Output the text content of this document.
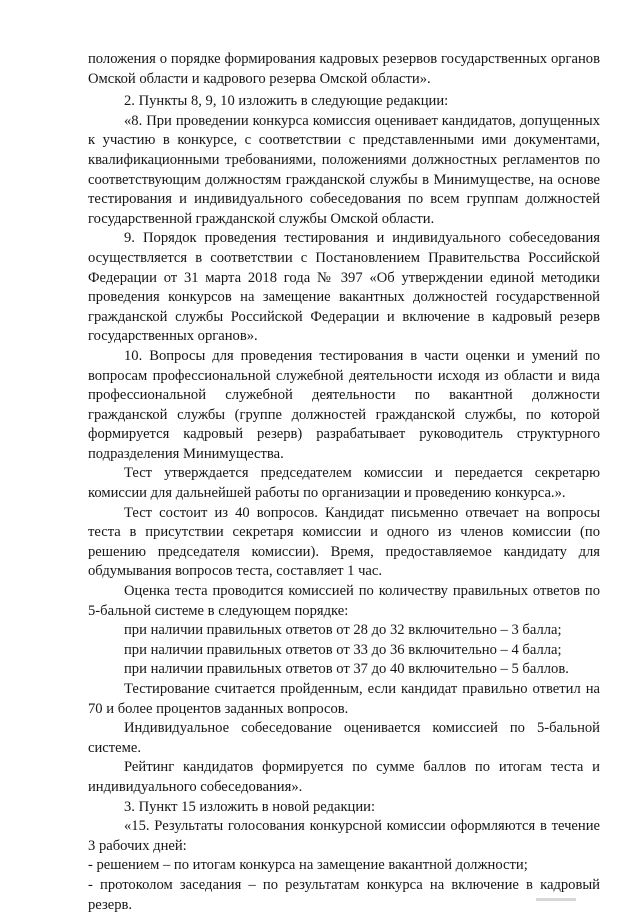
положения о порядке формирования кадровых резервов государственных органов Омской области и кадрового резерва Омской области».

2. Пункты 8, 9, 10 изложить в следующие редакции:

«8. При проведении конкурса комиссия оценивает кандидатов, допущенных к участию в конкурсе, с соответствии с представленными ими документами, квалификационными требованиями, положениями должностных регламентов по соответствующим должностям гражданской службы в Минимуществе, на основе тестирования и индивидуального собеседования по всем группам должностей государственной гражданской службы Омской области.

9. Порядок проведения тестирования и индивидуального собеседования осуществляется в соответствии с Постановлением Правительства Российской Федерации от 31 марта 2018 года № 397 «Об утверждении единой методики проведения конкурсов на замещение вакантных должностей государственной гражданской службы Российской Федерации и включение в кадровый резерв государственных органов».

10. Вопросы для проведения тестирования в части оценки и умений по вопросам профессиональной служебной деятельности исходя из области и вида профессиональной служебной деятельности по вакантной должности гражданской службы (группе должностей гражданской службы, по которой формируется кадровый резерв) разрабатывает руководитель структурного подразделения Минимущества.

Тест утверждается председателем комиссии и передается секретарю комиссии для дальнейшей работы по организации и проведению конкурса.».

Тест состоит из 40 вопросов. Кандидат письменно отвечает на вопросы теста в присутствии секретаря комиссии и одного из членов комиссии (по решению председателя комиссии). Время, предоставляемое кандидату для обдумывания вопросов теста, составляет 1 час.

Оценка теста проводится комиссией по количеству правильных ответов по 5-бальной системе в следующем порядке:

при наличии правильных ответов от 28 до 32 включительно – 3 балла;

при наличии правильных ответов от 33 до 36 включительно – 4 балла;

при наличии правильных ответов от 37 до 40 включительно – 5 баллов.

Тестирование считается пройденным, если кандидат правильно ответил на 70 и более процентов заданных вопросов.

Индивидуальное собеседование оценивается комиссией по 5-бальной системе.

Рейтинг кандидатов формируется по сумме баллов по итогам теста и индивидуального собеседования».

3. Пункт 15 изложить в новой редакции:

«15. Результаты голосования конкурсной комиссии оформляются в течение 3 рабочих дней:

- решением – по итогам конкурса на замещение вакантной должности;

- протоколом заседания – по результатам конкурса на включение в кадровый резерв.
